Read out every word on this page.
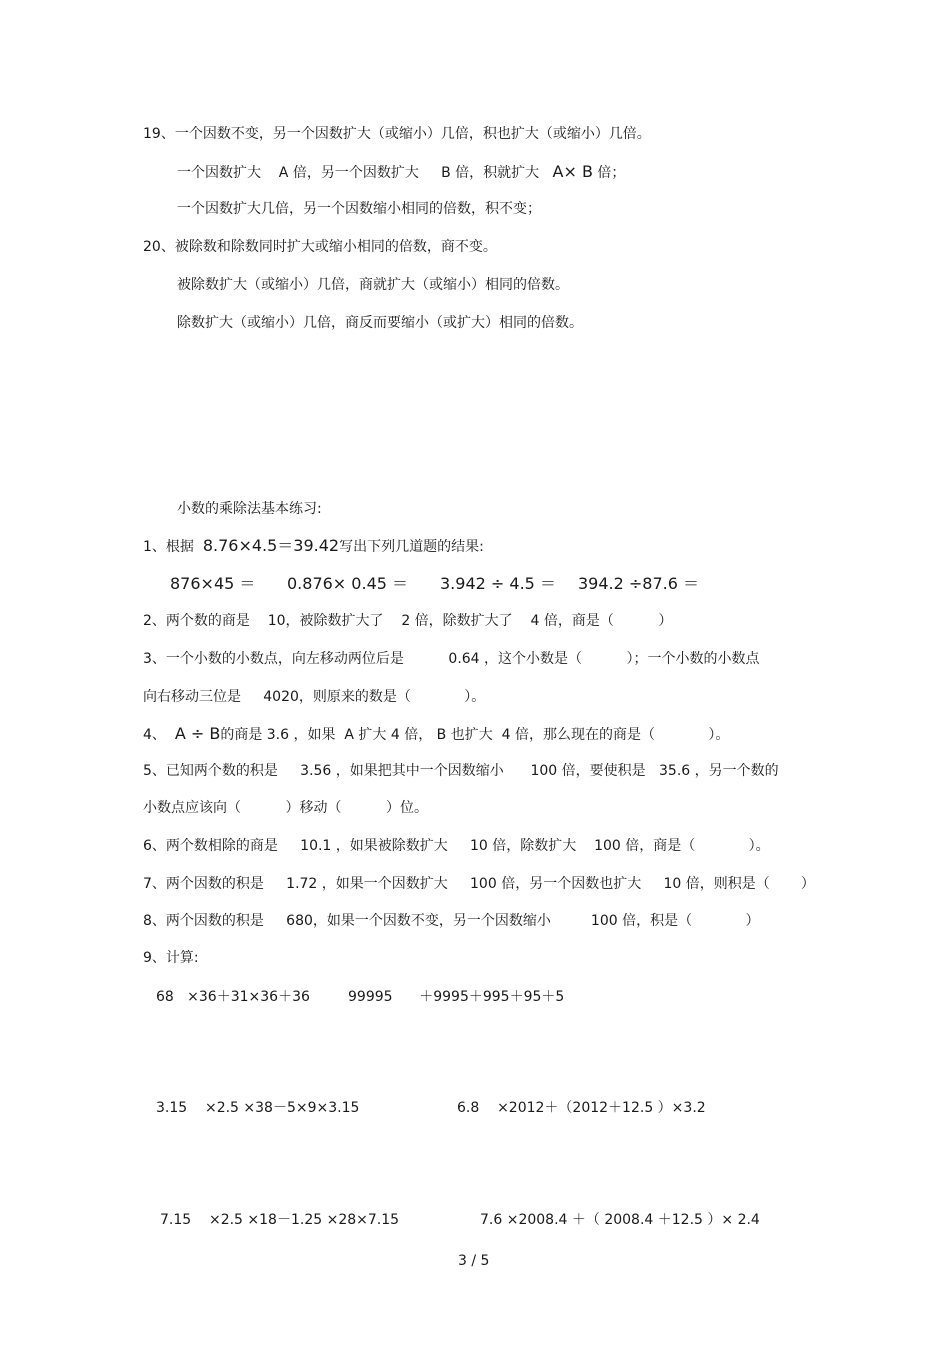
19、一个因数不变，另一个因数扩大（或缩小）几倍，积也扩大（或缩小）几倍。
一个因数扩大    A 倍，另一个因数扩大     B 倍，积就扩大 A× B 倍；
一个因数扩大几倍，另一个因数缩小相同的倍数，积不变；
20、被除数和除数同时扩大或缩小相同的倍数，商不变。
被除数扩大（或缩小）几倍，商就扩大（或缩小）相同的倍数。
除数扩大（或缩小）几倍，商反而要缩小（或扩大）相同的倍数。
小数的乘除法基本练习:
1、根据 8.76×4.5＝39.42写出下列几道题的结果:
876×45 ＝ 0.876× 0.45 ＝ 3.942 ÷ 4.5 ＝ 394.2 ÷87.6 ＝
2、两个数的商是    10，被除数扩大了    2 倍，除数扩大了    4 倍，商是（          ）
3、一个小数的小数点，向左移动两位后是          0.64 ，这个小数是（          ）；一个小数的小数点
向右移动三位是     4020，则原来的数是（            ）。
4、 A ÷ B的商是 3.6 ，如果  A 扩大 4 倍， B 也扩大  4 倍，那么现在的商是（            ）。
5、已知两个数的积是     3.56 ，如果把其中一个因数缩小      100 倍，要使积是   35.6 ，另一个数的
小数点应该向（          ）移动（          ）位。
6、两个数相除的商是     10.1 ，如果被除数扩大     10 倍，除数扩大    100 倍，商是（            ）。
7、两个因数的积是     1.72 ，如果一个因数扩大     100 倍，另一个因数也扩大     10 倍，则积是（       ）
8、两个因数的积是     680，如果一个因数不变，另一个因数缩小         100 倍，积是（            ）
9、计算:
68   ×36＋31×36＋36	99995      ＋9995＋995＋95＋5
3.15    ×2.5 ×38－5×9×3.15	6.8    ×2012＋（2012＋12.5 ）×3.2
7.15    ×2.5 ×18－1.25 ×28×7.15	7.6 ×2008.4 ＋（ 2008.4 ＋12.5 ）× 2.4
3 / 5
